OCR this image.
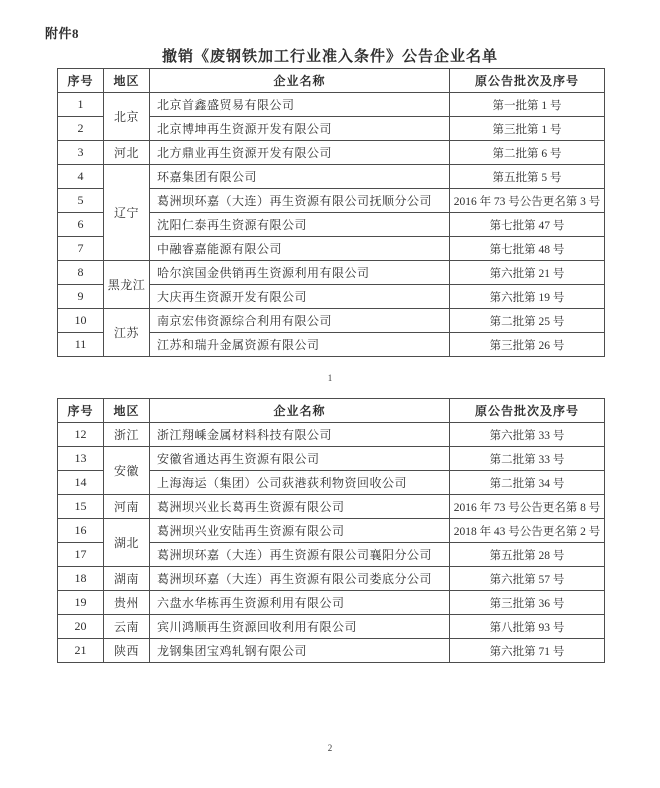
附件8
撤销《废钢铁加工行业准入条件》公告企业名单
序号	地区	企业名称	原公告批次及序号
1	北京	北京首鑫盛贸易有限公司	第一批第 1 号
2		北京博坤再生资源开发有限公司	第三批第 1 号
3	河北	北方鼎业再生资源开发有限公司	第二批第 6 号
4	辽宁	环嘉集团有限公司	第五批第 5 号
5		葛洲坝环嘉（大连）再生资源有限公司抚顺分公司	2016 年 73 号公告更名第 3 号
6		沈阳仁泰再生资源有限公司	第七批第 47 号
7		中融睿嘉能源有限公司	第七批第 48 号
8	黑龙江	哈尔滨国金供销再生资源利用有限公司	第六批第 21 号
9		大庆再生资源开发有限公司	第六批第 19 号
10	江苏	南京宏伟资源综合利用有限公司	第二批第 25 号
11		江苏和瑞升金属资源有限公司	第三批第 26 号
1
序号	地区	企业名称	原公告批次及序号
12	浙江	浙江翔嵊金属材料科技有限公司	第六批第 33 号
13	安徽	安徽省通达再生资源有限公司	第二批第 33 号
14		上海海运（集团）公司荻港荻利物资回收公司	第二批第 34 号
15	河南	葛洲坝兴业长葛再生资源有限公司	2016 年 73 号公告更名第 8 号
16	湖北	葛洲坝兴业安陆再生资源有限公司	2018 年 43 号公告更名第 2 号
17		葛洲坝环嘉（大连）再生资源有限公司襄阳分公司	第五批第 28 号
18	湖南	葛洲坝环嘉（大连）再生资源有限公司娄底分公司	第六批第 57 号
19	贵州	六盘水华栋再生资源利用有限公司	第三批第 36 号
20	云南	宾川鸿顺再生资源回收利用有限公司	第八批第 93 号
21	陕西	龙钢集团宝鸡轧钢有限公司	第六批第 71 号
2
